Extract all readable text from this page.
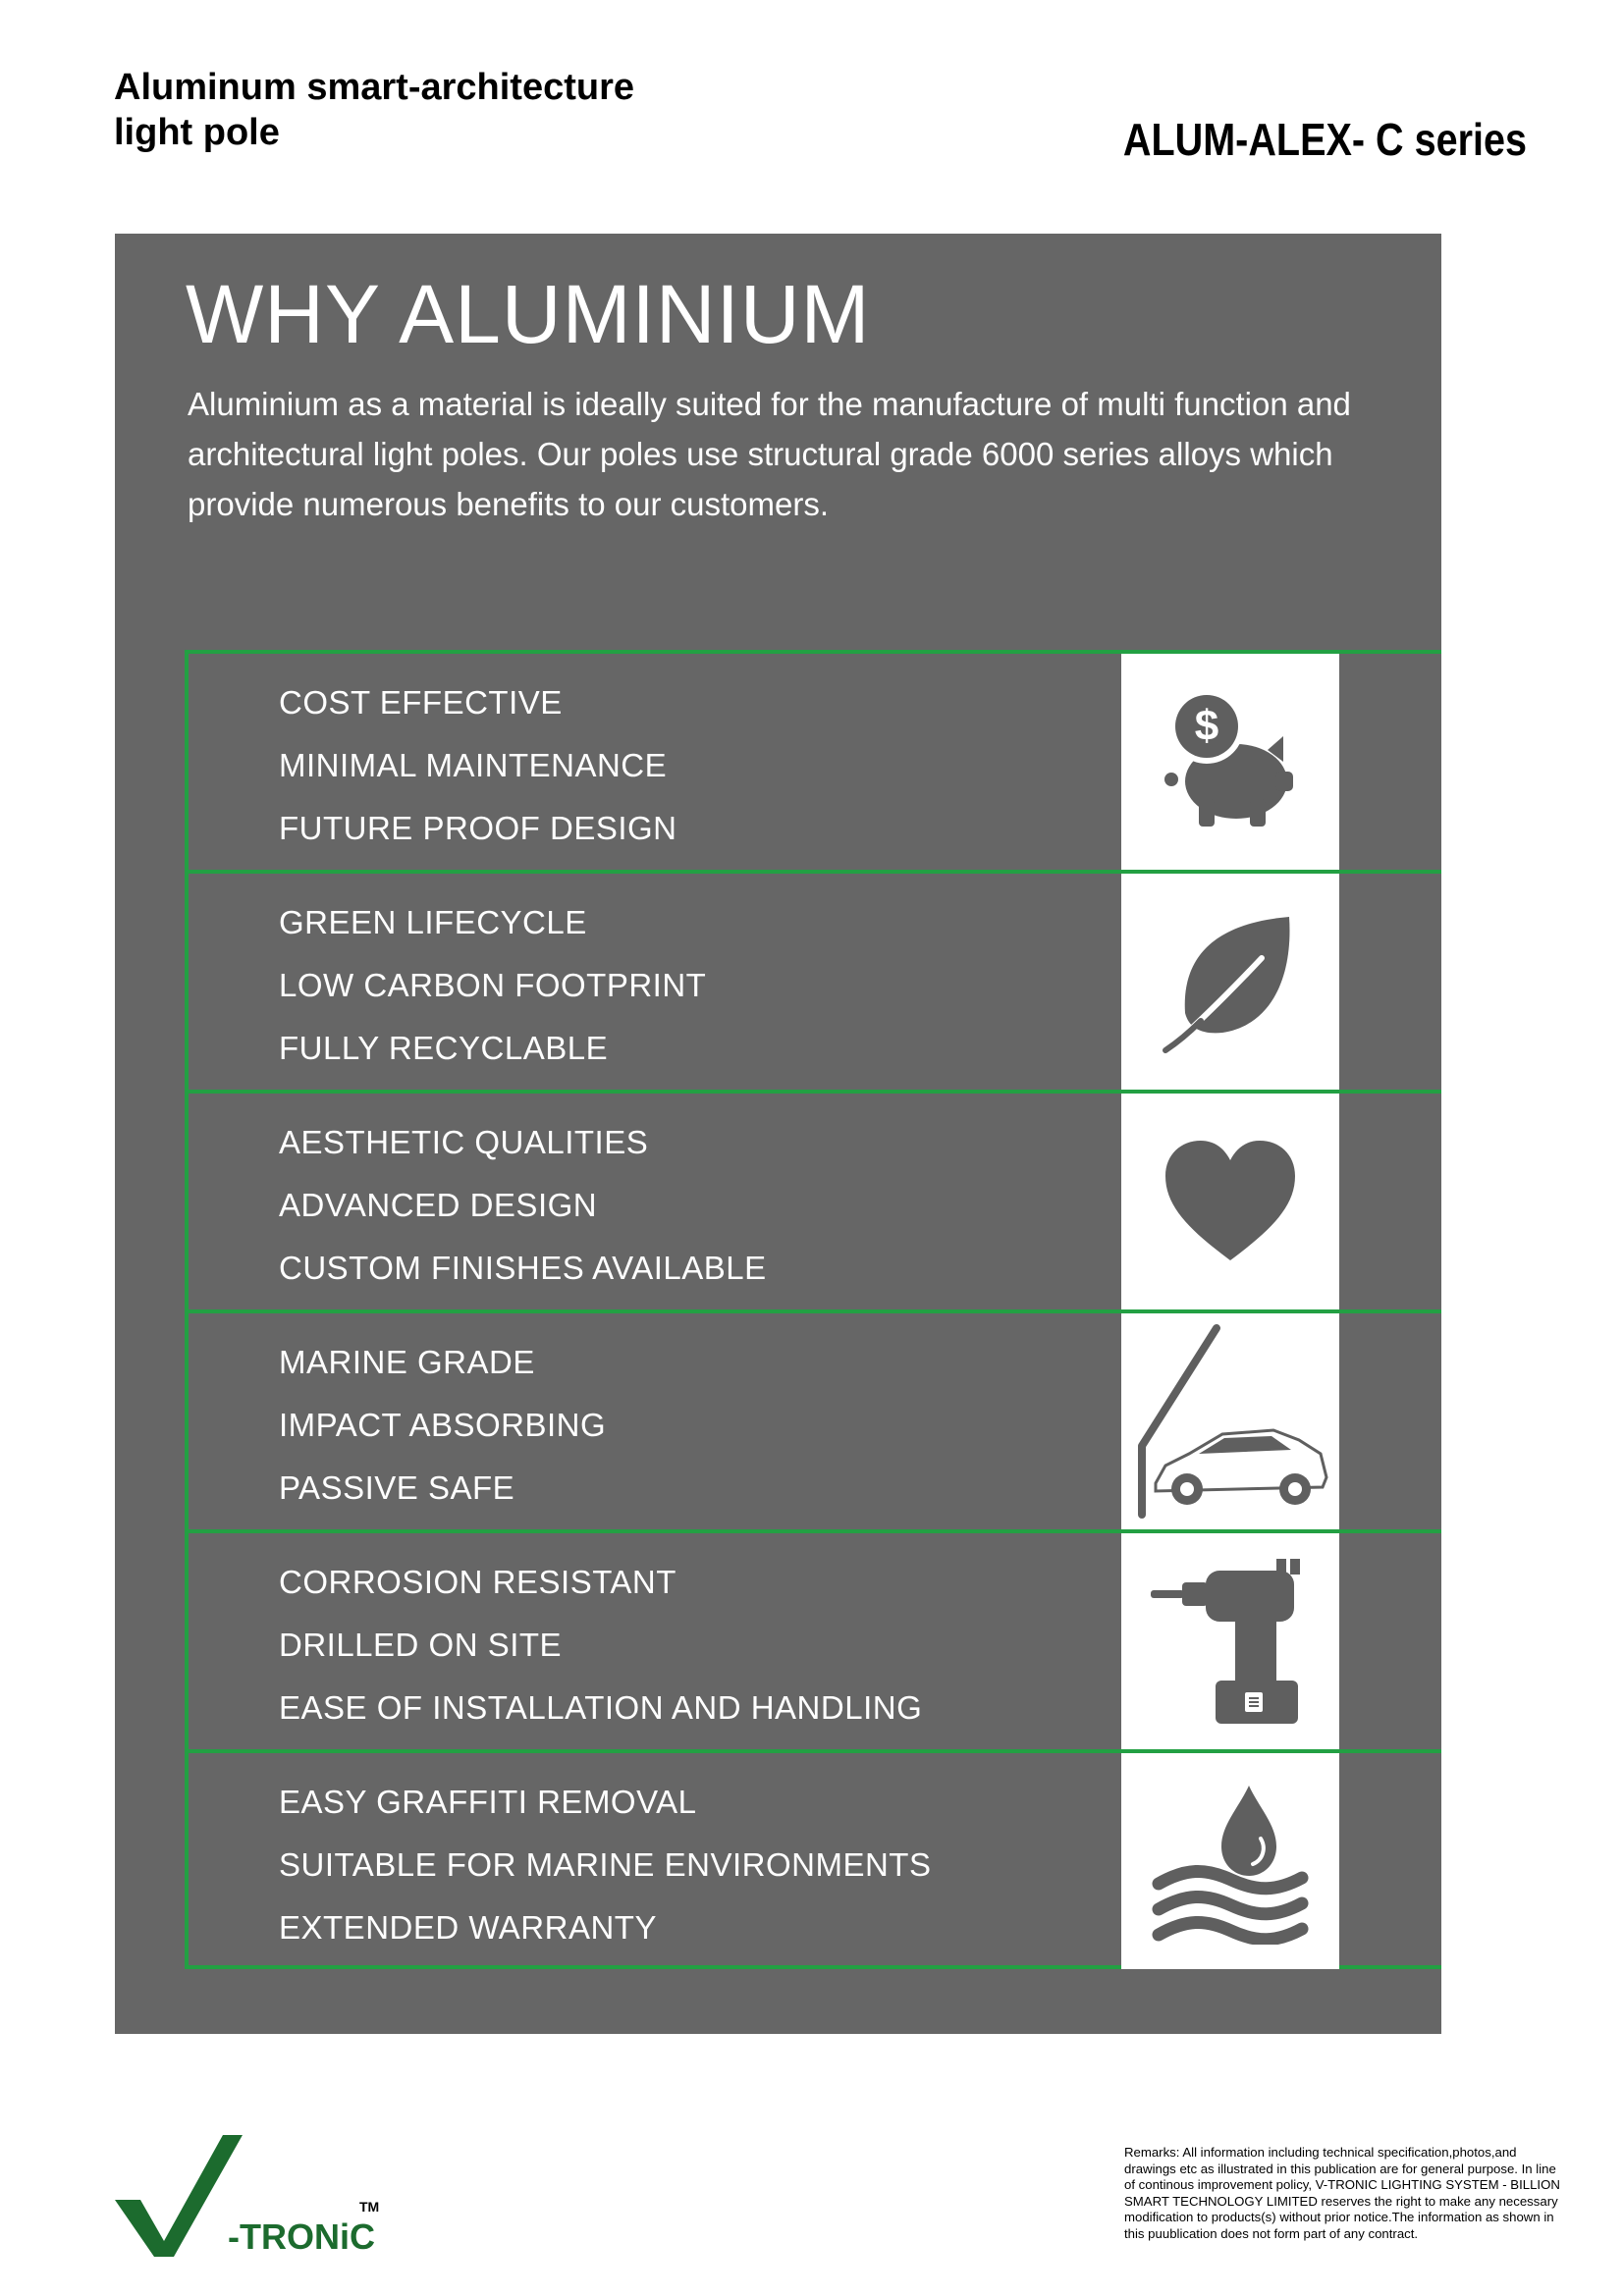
Aluminum smart-architecture
light pole	ALUM-ALEX- C series
WHY ALUMINIUM

Aluminium as a material is ideally suited for the manufacture of multi function and architectural light poles. Our poles use structural grade 6000 series alloys which provide numerous benefits to our customers.

COST EFFECTIVE
MINIMAL MAINTENANCE
FUTURE PROOF DESIGN
$
GREEN LIFECYCLE
LOW CARBON FOOTPRINT
FULLY RECYCLABLE
AESTHETIC QUALITIES
ADVANCED DESIGN
CUSTOM FINISHES AVAILABLE
MARINE GRADE
IMPACT ABSORBING
PASSIVE SAFE
CORROSION RESISTANT
DRILLED ON SITE
EASE OF INSTALLATION AND HANDLING
EASY GRAFFITI REMOVAL
SUITABLE FOR MARINE ENVIRONMENTS
EXTENDED WARRANTY
TM
-TRONiC
Remarks: All information including technical specification,photos,and drawings etc as illustrated in this publication are for general purpose. In line of continous improvement policy, V-TRONIC LIGHTING SYSTEM - BILLION SMART TECHNOLOGY LIMITED reserves the right to make any necessary modification to products(s) without prior notice.The information as shown in this puublication does not form part of any contract.
